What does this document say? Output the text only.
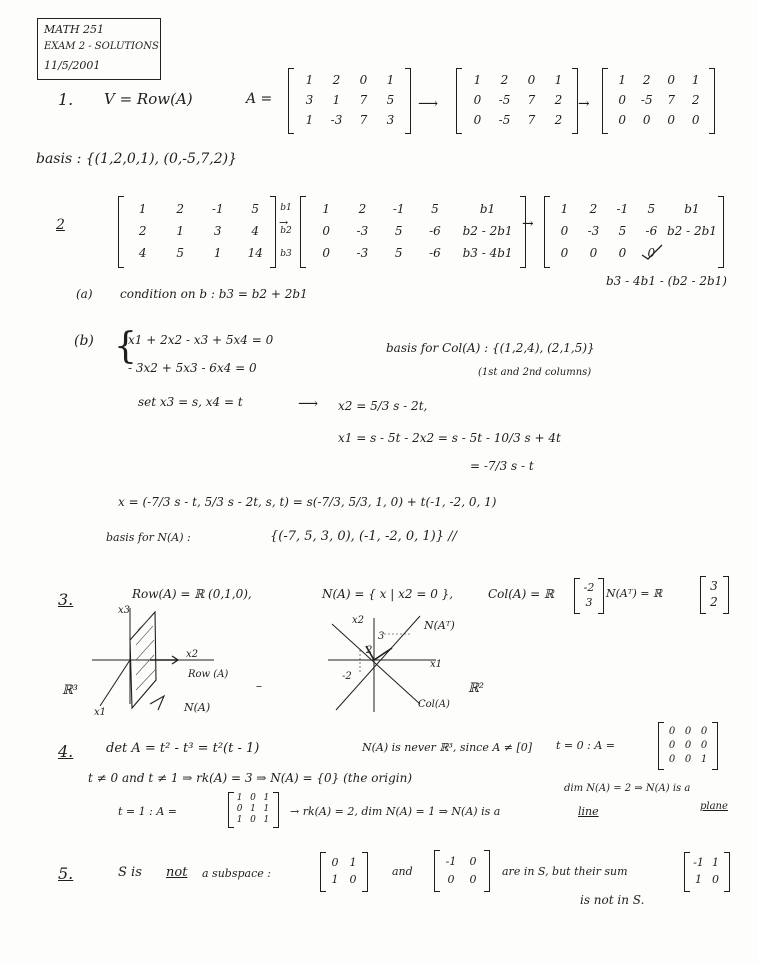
MATH 251
EXAM 2 - SOLUTIONS
11/5/2001
1. V = Row(A)	A =
1 2 0 1
3 1 7 5
1 -3 7 3
⟶
1 2 0 1
0 -5 7 2
0 -5 7 2
→
1 2 0 1
0 -5 7 2
0 0 0 0
basis : {(1,2,0,1), (0,-5,7,2)}
2
1 2 -1 5
2 1 3 4
4 5 1 14
b1
b2
b3
→
1 2 -1 5	b1
0 -3 5 -6 b2 - 2b1
0 -3 5 -6 b3 - 4b1
→
1 2 -1 5 b1
0 -3 5 -6 b2 - 2b1
0 0 0 0
b3 - 4b1 - (b2 - 2b1)
(a) condition on b : b3 = b2 + 2b1
(b) {
x1 + 2x2 - x3 + 5x4 = 0
- 3x2 + 5x3 - 6x4 = 0
basis for Col(A) : {(1,2,4), (2,1,5)}
(1st and 2nd columns)
set x3 = s, x4 = t	⟶ x2 = 5/3 s - 2t,
x1 = s - 5t - 2x2 = s - 5t - 10/3 s + 4t
= -7/3 s - t
x = (-7/3 s - t, 5/3 s - 2t, s, t) = s(-7/3, 5/3, 1, 0) + t(-1, -2, 0, 1)
basis for N(A) :	{(-7, 5, 3, 0), (-1, -2, 0, 1)} //
3.	Row(A) = ℝ (0,1,0),	N(A) = { x | x2 = 0 },	Col(A) = ℝ	-2
3
N(Aᵀ) = ℝ
3
2
x3
x2
x1
Row (A)
N(A)
ℝ³	–
x2
x1
N(Aᵀ)
Col(A)
ℝ²
3
2
-2
4.	det A = t² - t³ = t²(t - 1)	N(A) is never ℝ³, since A ≠ [0] t = 0 : A =
0 0 0
0 0 0
0 0 1
t ≠ 0 and t ≠ 1 ⇒ rk(A) = 3 ⇒ N(A) = {0} (the origin)
dim N(A) = 2 ⇒ N(A) is a
plane
t = 1 : A =
1 0 1
0 1 1
1 0 1
→ rk(A) = 2, dim N(A) = 1 ⇒ N(A) is a	line
5.	S is not a subspace :
0 1
1 0
and
-1 0
0 0
are in S, but their sum
-1 1
1 0
is not in S.
